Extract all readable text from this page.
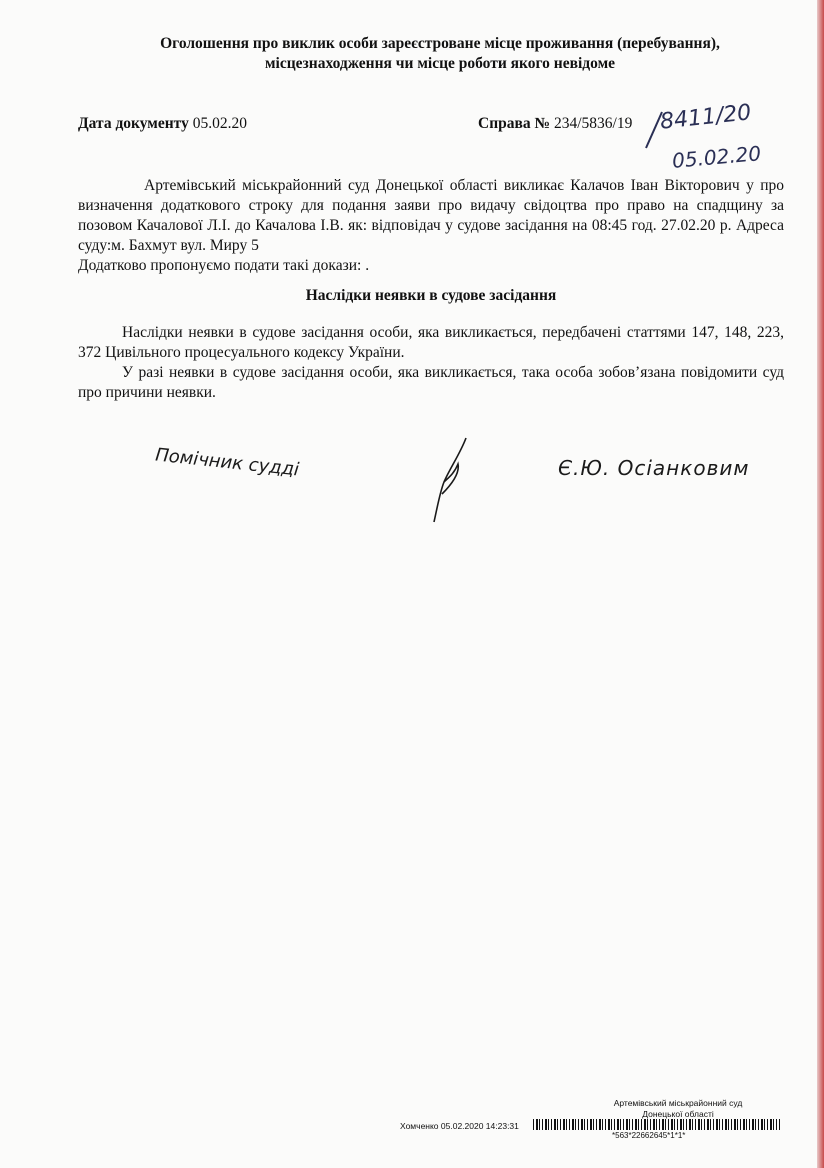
Оголошення про виклик особи зареєстроване місце проживання (перебування),
місцезнаходження чи місце роботи якого невідоме
Дата документу 05.02.20	Справа № 234/5836/19 8411/20
05.02.20

Артемівський міськрайонний суд Донецької області викликає Калачов Іван Вікторович у про визначення додаткового строку для подання заяви про видачу свідоцтва про право на спадщину за позовом Качалової Л.І. до Качалова І.В. як: відповідач у судове засідання на 08:45 год. 27.02.20 р. Адреса суду:м. Бахмут вул. Миру 5

Додатково пропонуємо подати такі докази: .

Наслідки неявки в судове засідання

Наслідки неявки в судове засідання особи, яка викликається, передбачені статтями 147, 148, 223, 372 Цивільного процесуального кодексу України.

У разі неявки в судове засідання особи, яка викликається, така особа зобов’язана повідомити суд про причини неявки.

Помічник судді	Є.Ю. Осіанковим
Артемівський міськрайонний суд
Донецької області
Хомченко 05.02.2020 14:23:31
*563*22662645*1*1*
